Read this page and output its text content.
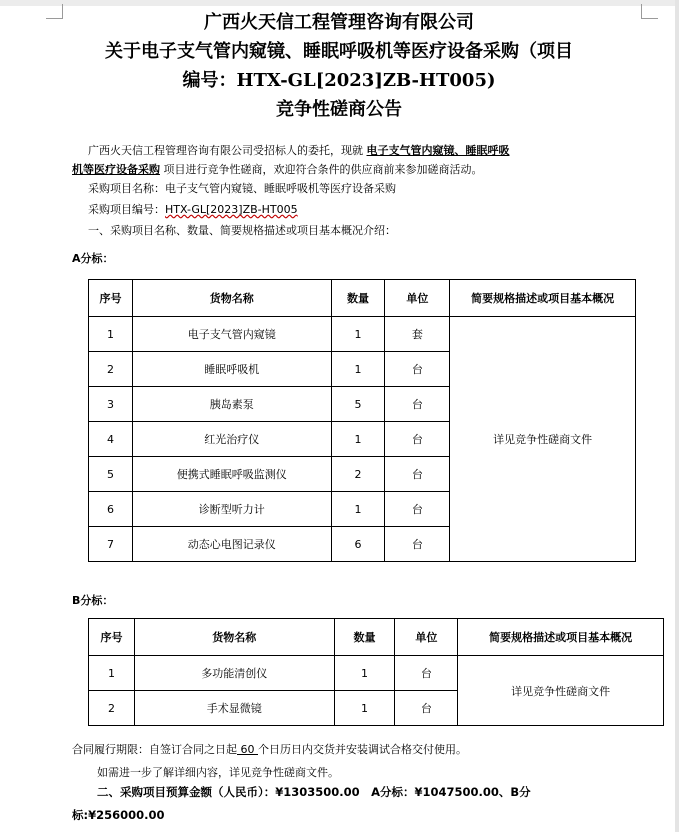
广西火天信工程管理咨询有限公司
关于电子支气管内窥镜、睡眠呼吸机等医疗设备采购（项目
编号：HTX-GL[2023]ZB-HT005)
竞争性磋商公告
广西火天信工程管理咨询有限公司受招标人的委托，现就 电子支气管内窥镜、睡眠呼吸
机等医疗设备采购 项目进行竞争性磋商，欢迎符合条件的供应商前来参加磋商活动。
采购项目名称：电子支气管内窥镜、睡眠呼吸机等医疗设备采购
采购项目编号：HTX-GL[2023]ZB-HT005
一、采购项目名称、数量、简要规格描述或项目基本概况介绍：
A分标：
序号	货物名称	数量	单位	简要规格描述或项目基本概况
1	电子支气管内窥镜	1	套	详见竞争性磋商文件
2	睡眠呼吸机	1	台	
3	胰岛素泵	5	台	
4	红光治疗仪	1	台	
5	便携式睡眠呼吸监测仪	2	台	
6	诊断型听力计	1	台	
7	动态心电图记录仪	6	台	
B分标：
序号	货物名称	数量	单位	简要规格描述或项目基本概况
1	多功能清创仪	1	台	详见竞争性磋商文件
2	手术显微镜	1	台	
合同履行期限：自签订合同之日起 60 个日历日内交货并安装调试合格交付使用。
如需进一步了解详细内容，详见竞争性磋商文件。
二、采购项目预算金额（人民币）：¥1303500.00　A分标：¥1047500.00、B分
标:¥256000.00
